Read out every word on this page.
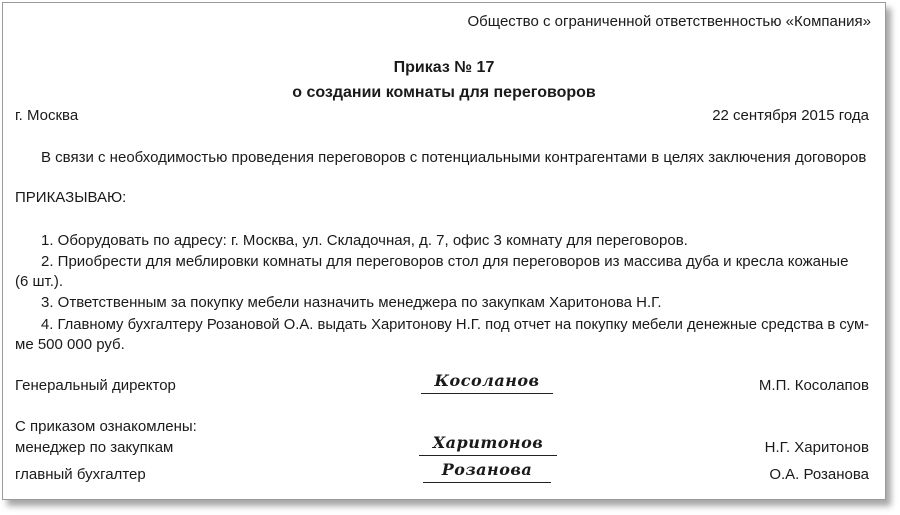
Общество с ограниченной ответственностью «Компания»
Приказ № 17
о создании комнаты для переговоров
г. Москва	22 сентября 2015 года
В связи с необходимостью проведения переговоров с потенциальными контрагентами в целях заключения договоров
ПРИКАЗЫВАЮ:
1. Оборудовать по адресу: г. Москва, ул. Складочная, д. 7, офис 3 комнату для переговоров.
2. Приобрести для меблировки комнаты для переговоров стол для переговоров из массива дуба и кресла кожаные
(6 шт.).
3. Ответственным за покупку мебели назначить менеджера по закупкам Харитонова Н.Г.
4. Главному бухгалтеру Розановой О.А. выдать Харитонову Н.Г. под отчет на покупку мебели денежные средства в сум-
ме 500 000 руб.
Генеральный директор	Косоланов	М.П. Косолапов
С приказом ознакомлены:
менеджер по закупкам	Харитонов	Н.Г. Харитонов
главный бухгалтер	Розанова	О.А. Розанова
